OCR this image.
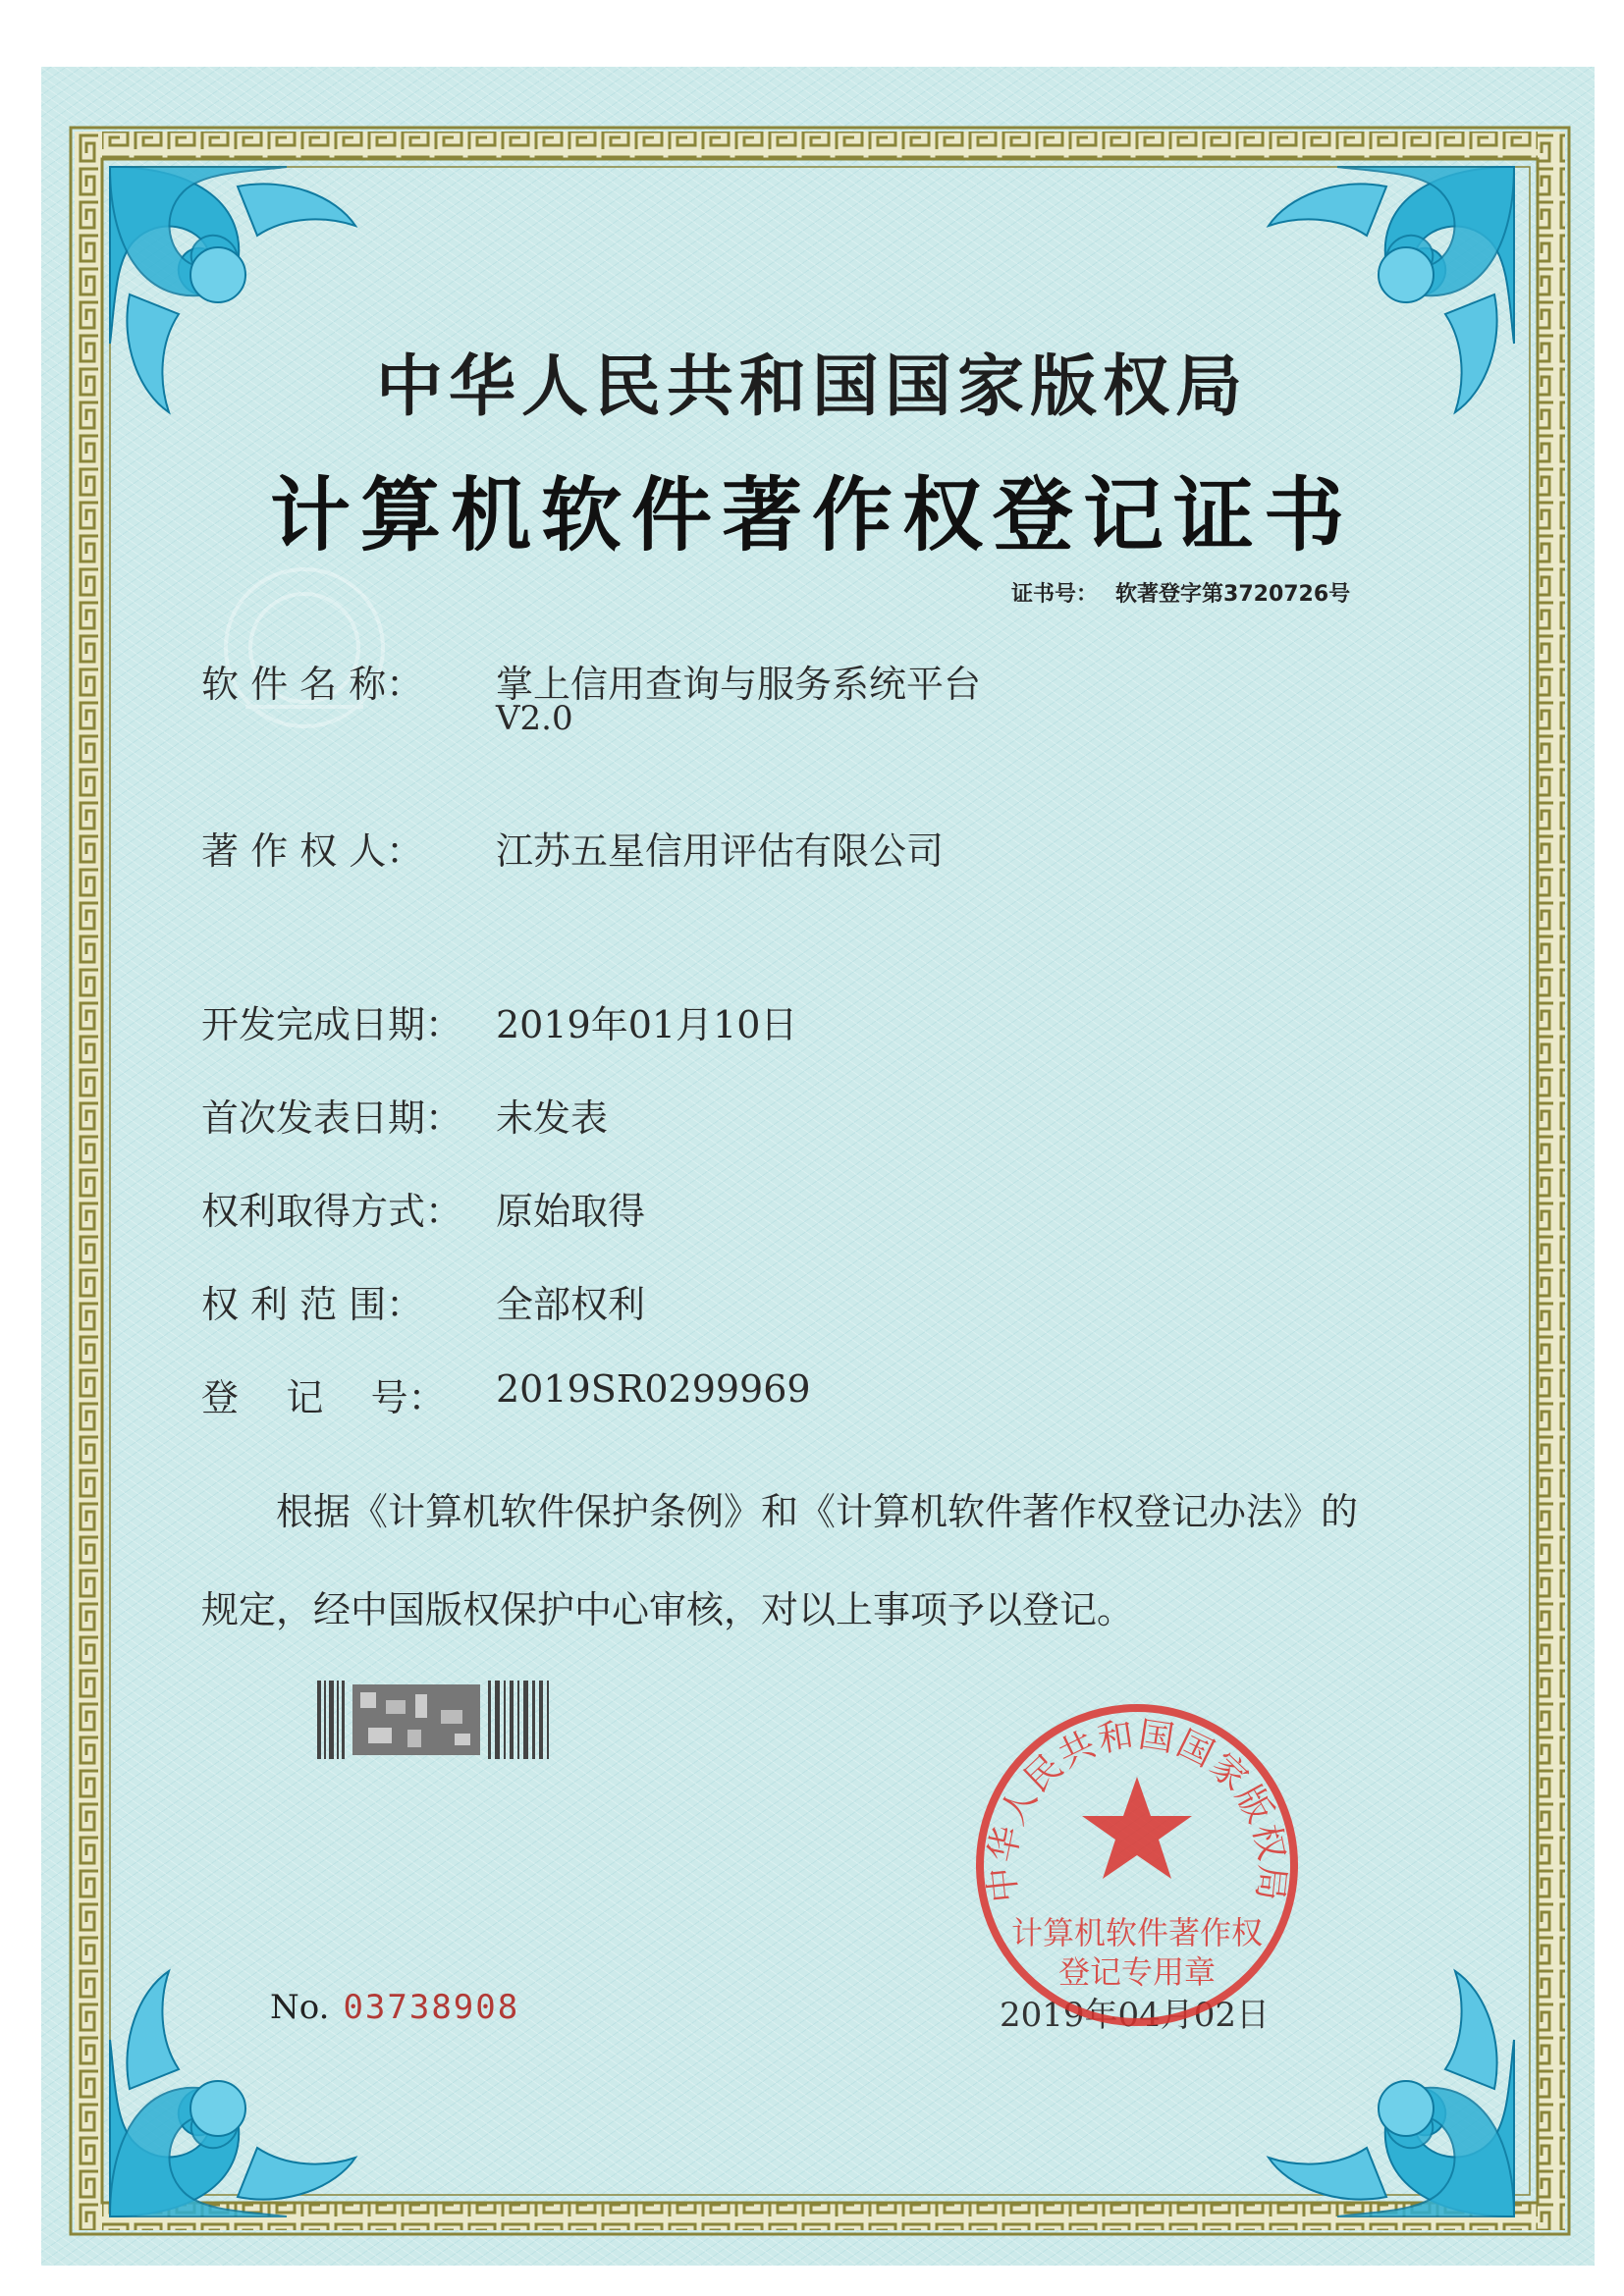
中华人民共和国国家版权局
计算机软件著作权登记证书
证书号： 软著登字第3720726号
软 件 名 称： 掌上信用查询与服务系统平台
V2.0
著 作 权 人： 江苏五星信用评估有限公司
开发完成日期： 2019年01月10日
首次发表日期： 未发表
权利取得方式： 原始取得
权 利 范 围： 全部权利
登    记    号： 2019SR0299969

根据《计算机软件保护条例》和《计算机软件著作权登记办法》的

规定，经中国版权保护中心审核，对以上事项予以登记。

No. 03738908	2019年04月02日
中华人民共和国国家版权局
计算机软件著作权
登记专用章
